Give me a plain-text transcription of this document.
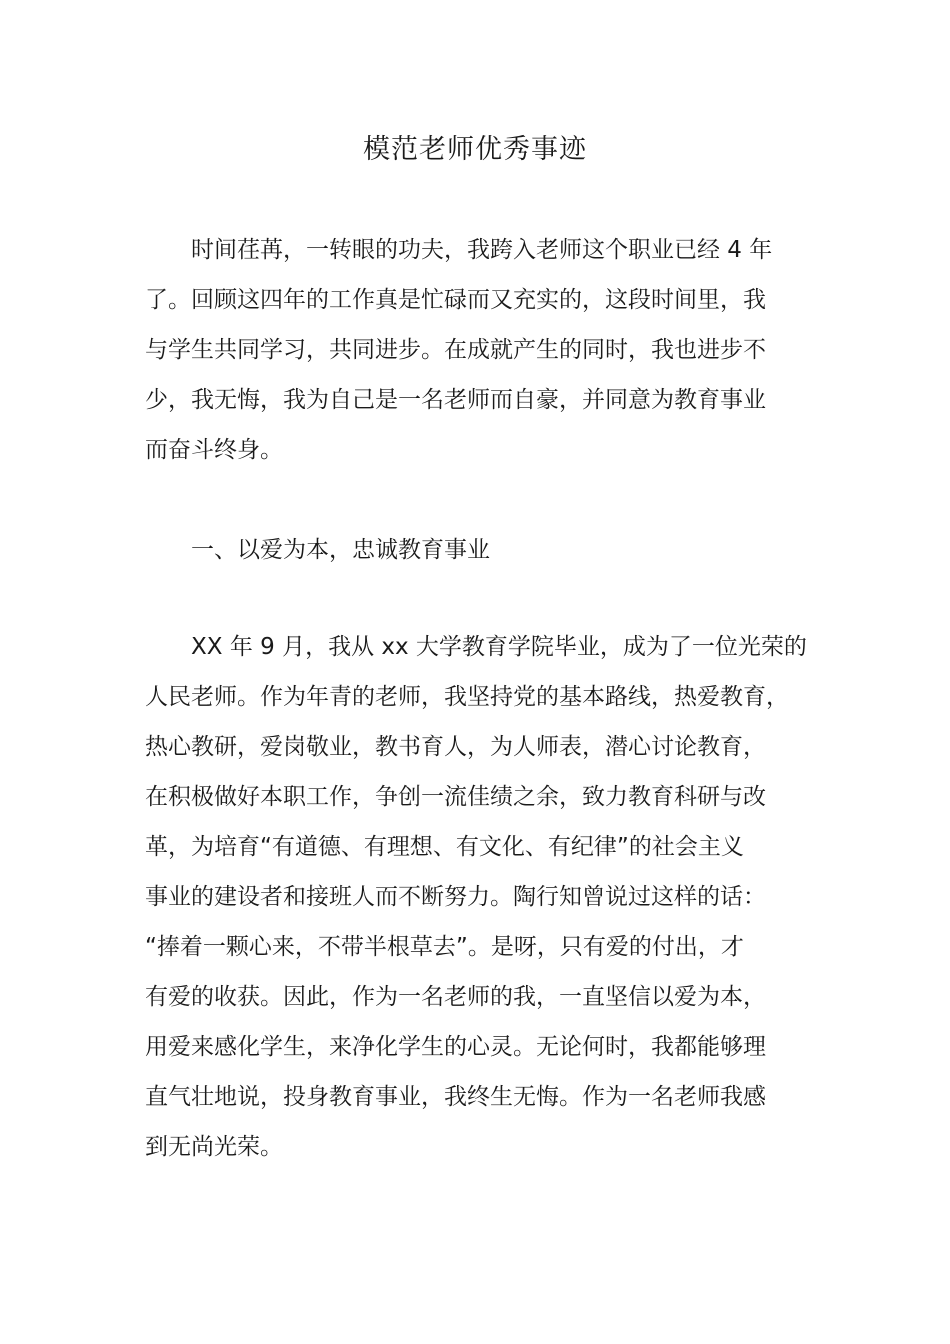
模范老师优秀事迹
时间荏苒，一转眼的功夫，我跨入老师这个职业已经 4 年
了。回顾这四年的工作真是忙碌而又充实的，这段时间里，我
与学生共同学习，共同进步。在成就产生的同时，我也进步不
少，我无悔，我为自己是一名老师而自豪，并同意为教育事业
而奋斗终身。
一、以爱为本，忠诚教育事业
XX 年 9 月，我从 xx 大学教育学院毕业，成为了一位光荣的
人民老师。作为年青的老师，我坚持党的基本路线，热爱教育，
热心教研，爱岗敬业，教书育人，为人师表，潜心讨论教育，
在积极做好本职工作，争创一流佳绩之余，致力教育科研与改
革，为培育“有道德、有理想、有文化、有纪律”的社会主义
事业的建设者和接班人而不断努力。陶行知曾说过这样的话：
“捧着一颗心来，不带半根草去”。是呀，只有爱的付出，才
有爱的收获。因此，作为一名老师的我，一直坚信以爱为本，
用爱来感化学生，来净化学生的心灵。无论何时，我都能够理
直气壮地说，投身教育事业，我终生无悔。作为一名老师我感
到无尚光荣。
